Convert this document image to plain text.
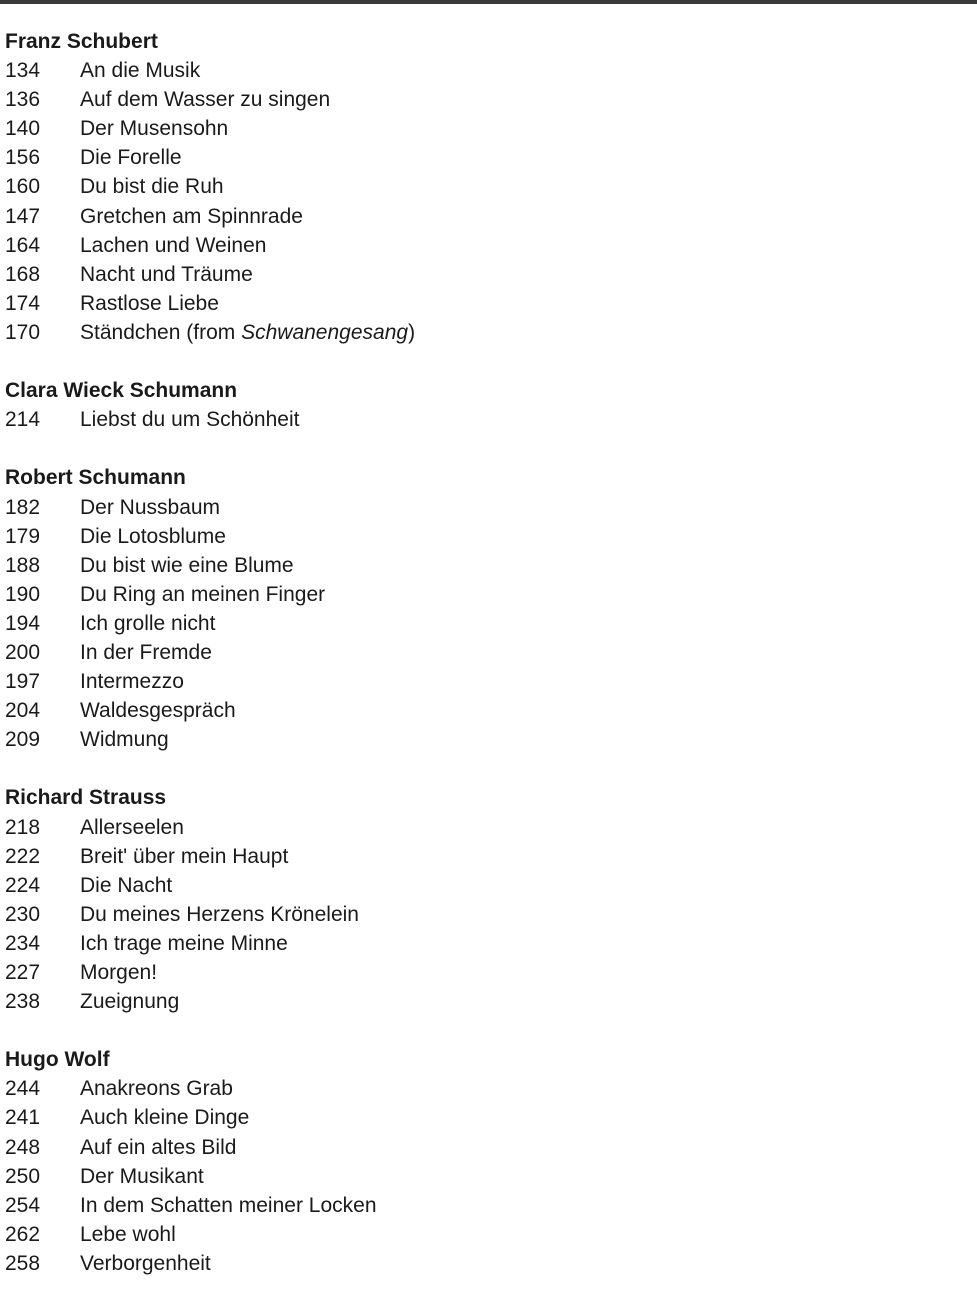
Franz Schubert
134	An die Musik
136	Auf dem Wasser zu singen
140	Der Musensohn
156	Die Forelle
160	Du bist die Ruh
147	Gretchen am Spinnrade
164	Lachen und Weinen
168	Nacht und Träume
174	Rastlose Liebe
170	Ständchen (from Schwanengesang)
Clara Wieck Schumann
214	Liebst du um Schönheit
Robert Schumann
182	Der Nussbaum
179	Die Lotosblume
188	Du bist wie eine Blume
190	Du Ring an meinen Finger
194	Ich grolle nicht
200	In der Fremde
197	Intermezzo
204	Waldesgespräch
209	Widmung
Richard Strauss
218	Allerseelen
222	Breit' über mein Haupt
224	Die Nacht
230	Du meines Herzens Krönelein
234	Ich trage meine Minne
227	Morgen!
238	Zueignung
Hugo Wolf
244	Anakreons Grab
241	Auch kleine Dinge
248	Auf ein altes Bild
250	Der Musikant
254	In dem Schatten meiner Locken
262	Lebe wohl
258	Verborgenheit
